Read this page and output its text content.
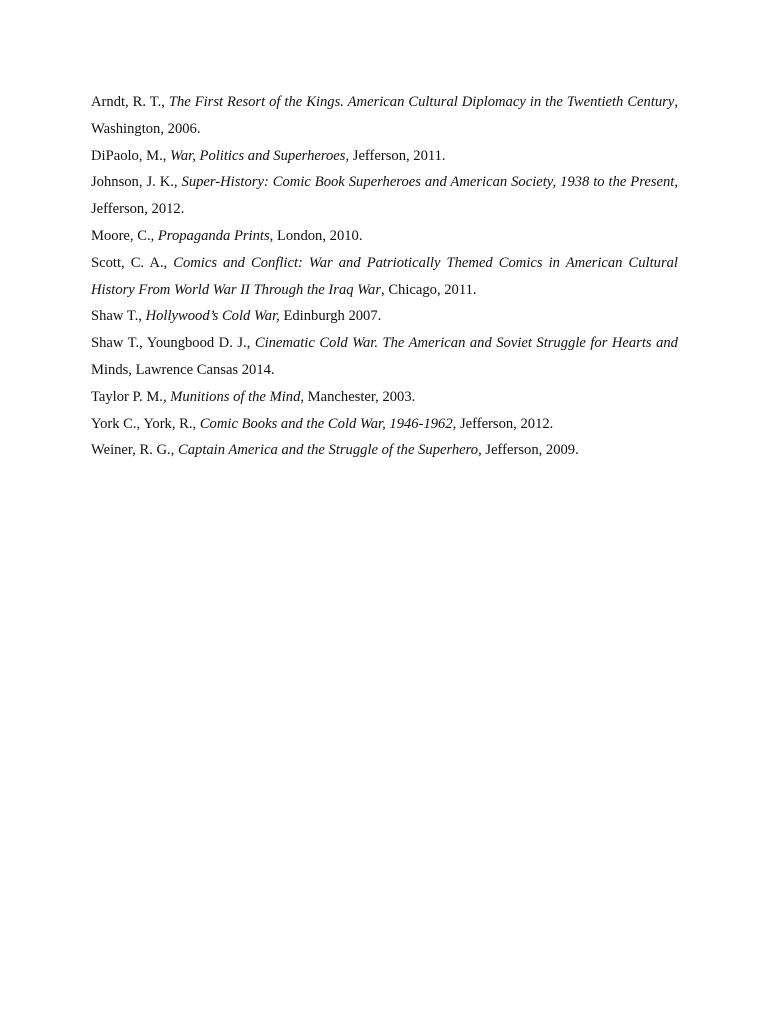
Arndt, R. T., The First Resort of the Kings. American Cultural Diplomacy in the Twentieth Century, Washington, 2006.
DiPaolo, M., War, Politics and Superheroes, Jefferson, 2011.
Johnson, J. K., Super-History: Comic Book Superheroes and American Society, 1938 to the Present, Jefferson, 2012.
Moore, C., Propaganda Prints, London, 2010.
Scott, C. A., Comics and Conflict: War and Patriotically Themed Comics in American Cultural History From World War II Through the Iraq War, Chicago, 2011.
Shaw T., Hollywood’s Cold War, Edinburgh 2007.
Shaw T., Youngbood D. J., Cinematic Cold War. The American and Soviet Struggle for Hearts and Minds, Lawrence Cansas 2014.
Taylor P. M., Munitions of the Mind, Manchester, 2003.
York C., York, R., Comic Books and the Cold War, 1946-1962, Jefferson, 2012.
Weiner, R. G., Captain America and the Struggle of the Superhero, Jefferson, 2009.
